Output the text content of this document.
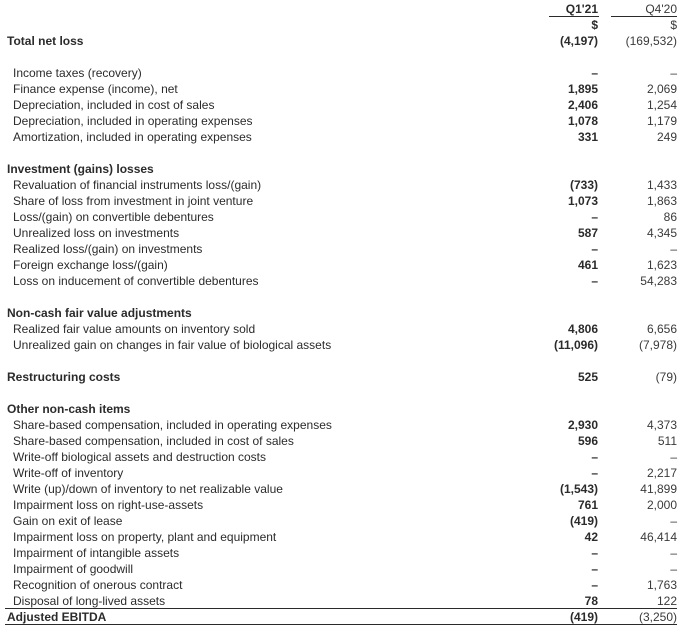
Q1'21	Q4'20
$	$
Total net loss	(4,197) (169,532)
Income taxes (recovery)	–	–
Finance expense (income), net	1,895	2,069
Depreciation, included in cost of sales	2,406	1,254
Depreciation, included in operating expenses	1,078	1,179
Amortization, included in operating expenses	331	249
Investment (gains) losses
Revaluation of financial instruments loss/(gain)	(733)	1,433
Share of loss from investment in joint venture	1,073	1,863
Loss/(gain) on convertible debentures	–	86
Unrealized loss on investments	587	4,345
Realized loss/(gain) on investments	–	–
Foreign exchange loss/(gain)	461	1,623
Loss on inducement of convertible debentures	–	54,283
Non-cash fair value adjustments
Realized fair value amounts on inventory sold	4,806	6,656
Unrealized gain on changes in fair value of biological assets	(11,096)	(7,978)
Restructuring costs	525	(79)
Other non-cash items
Share-based compensation, included in operating expenses	2,930	4,373
Share-based compensation, included in cost of sales	596	511
Write-off biological assets and destruction costs	–	–
Write-off of inventory	–	2,217
Write (up)/down of inventory to net realizable value	(1,543)	41,899
Impairment loss on right-use-assets	761	2,000
Gain on exit of lease	(419)	–
Impairment loss on property, plant and equipment	42	46,414
Impairment of intangible assets	–	–
Impairment of goodwill	–	–
Recognition of onerous contract	–	1,763
Disposal of long-lived assets	78	122
Adjusted EBITDA	(419)	(3,250)
